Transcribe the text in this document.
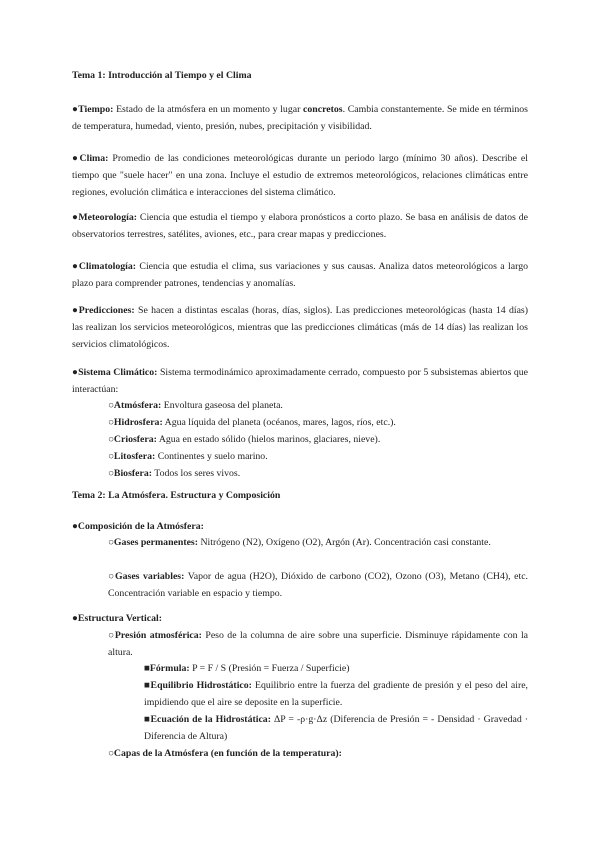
Tema 1: Introducción al Tiempo y el Clima

●Tiempo: Estado de la atmósfera en un momento y lugar concretos. Cambia constantemente. Se mide en términos de temperatura, humedad, viento, presión, nubes, precipitación y visibilidad.

●Clima: Promedio de las condiciones meteorológicas durante un periodo largo (mínimo 30 años). Describe el tiempo que "suele hacer" en una zona. Incluye el estudio de extremos meteorológicos, relaciones climáticas entre regiones, evolución climática e interacciones del sistema climático.

●Meteorología: Ciencia que estudia el tiempo y elabora pronósticos a corto plazo. Se basa en análisis de datos de observatorios terrestres, satélites, aviones, etc., para crear mapas y predicciones.

●Climatología: Ciencia que estudia el clima, sus variaciones y sus causas. Analiza datos meteorológicos a largo plazo para comprender patrones, tendencias y anomalías.

●Predicciones: Se hacen a distintas escalas (horas, días, siglos). Las predicciones meteorológicas (hasta 14 días) las realizan los servicios meteorológicos, mientras que las predicciones climáticas (más de 14 días) las realizan los servicios climatológicos.

●Sistema Climático: Sistema termodinámico aproximadamente cerrado, compuesto por 5 subsistemas abiertos que interactúan:

○Atmósfera: Envoltura gaseosa del planeta.

○Hidrosfera: Agua líquida del planeta (océanos, mares, lagos, ríos, etc.).

○Criosfera: Agua en estado sólido (hielos marinos, glaciares, nieve).

○Litosfera: Continentes y suelo marino.

○Biosfera: Todos los seres vivos.

Tema 2: La Atmósfera. Estructura y Composición

●Composición de la Atmósfera:

○Gases permanentes: Nitrógeno (N2), Oxígeno (O2), Argón (Ar). Concentración casi constante.

○Gases variables: Vapor de agua (H2O), Dióxido de carbono (CO2), Ozono (O3), Metano (CH4), etc. Concentración variable en espacio y tiempo.

●Estructura Vertical:

○Presión atmosférica: Peso de la columna de aire sobre una superficie. Disminuye rápidamente con la altura.

■Fórmula: P = F / S (Presión = Fuerza / Superficie)

■Equilibrio Hidrostático: Equilibrio entre la fuerza del gradiente de presión y el peso del aire, impidiendo que el aire se deposite en la superficie.

■Ecuación de la Hidrostática: ΔP = -ρ·g·Δz (Diferencia de Presión = - Densidad · Gravedad · Diferencia de Altura)

○Capas de la Atmósfera (en función de la temperatura):
